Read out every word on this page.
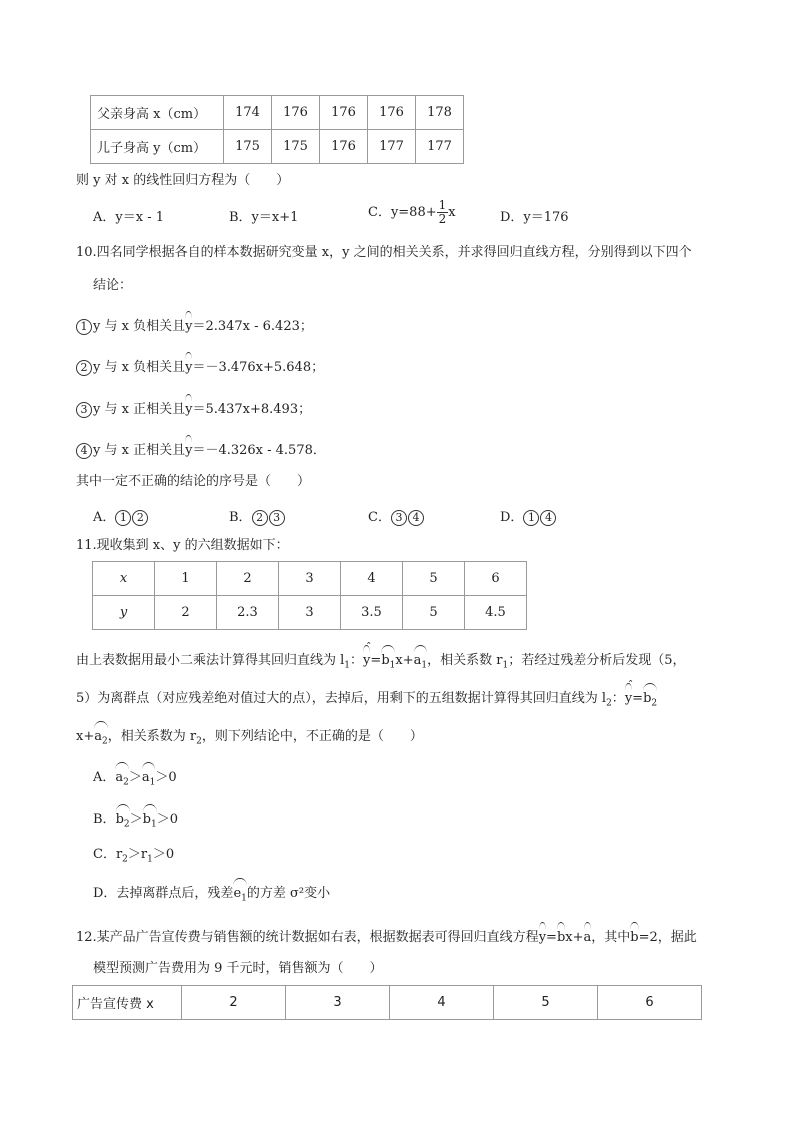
父亲身高 x（cm）	174	176	176	176	178
儿子身高 y（cm）	175	175	176	177	177
则 y 对 x 的线性回归方程为（　　）
A．y＝x - 1	B．y＝x+1	C．$y=88+ \frac{1}{2}$ x	D．y＝176
10.四名同学根据各自的样本数据研究变量 x，y 之间的相关关系，并求得回归直线方程，分别得到以下四个
结论：
1 y 与 x 负相关且y＝2.347x - 6.423；
2 y 与 x 负相关且y＝－3.476x+5.648；
3 y 与 x 正相关且y＝5.437x+8.493；
4 y 与 x 正相关且y＝－4.326x - 4.578．
其中一定不正确的结论的序号是（　　）
A． 1 2	B． 2 3	C． 3 4	D． 1 4
11.现收集到 x、y 的六组数据如下：
x	1	2	3	4	5	6
y	2	2.3	3	3.5	5	4.5
由上表数据用最小二乘法计算得其回归直线为 $l_1$：
ˆ
$y=b_1x+a_1$，相关系数 $r_1$；若经过残差分析后发现（5，
5）为离群点（对应残差绝对值过大的点），去掉后，用剩下的五组数据计算得其回归直线为 $l_2$：
ˆ
$y=b_2$
$x+a_2$，相关系数为 $r_2$，则下列结论中，不正确的是（　　）
A．$a_2>a_1>0$
B．$b_2>b_1>0$
C．$r_2>r_1>0$
D．去掉离群点后，残差$e_1$的方差 σ²变小
12.某产品广告宣传费与销售额的统计数据如右表，根据数据表可得回归直线方程y=bx+a，其中b=2，据此
模型预测广告费用为 9 千元时，销售额为（　　）
广告宣传费 x	2	3	4	5	6
